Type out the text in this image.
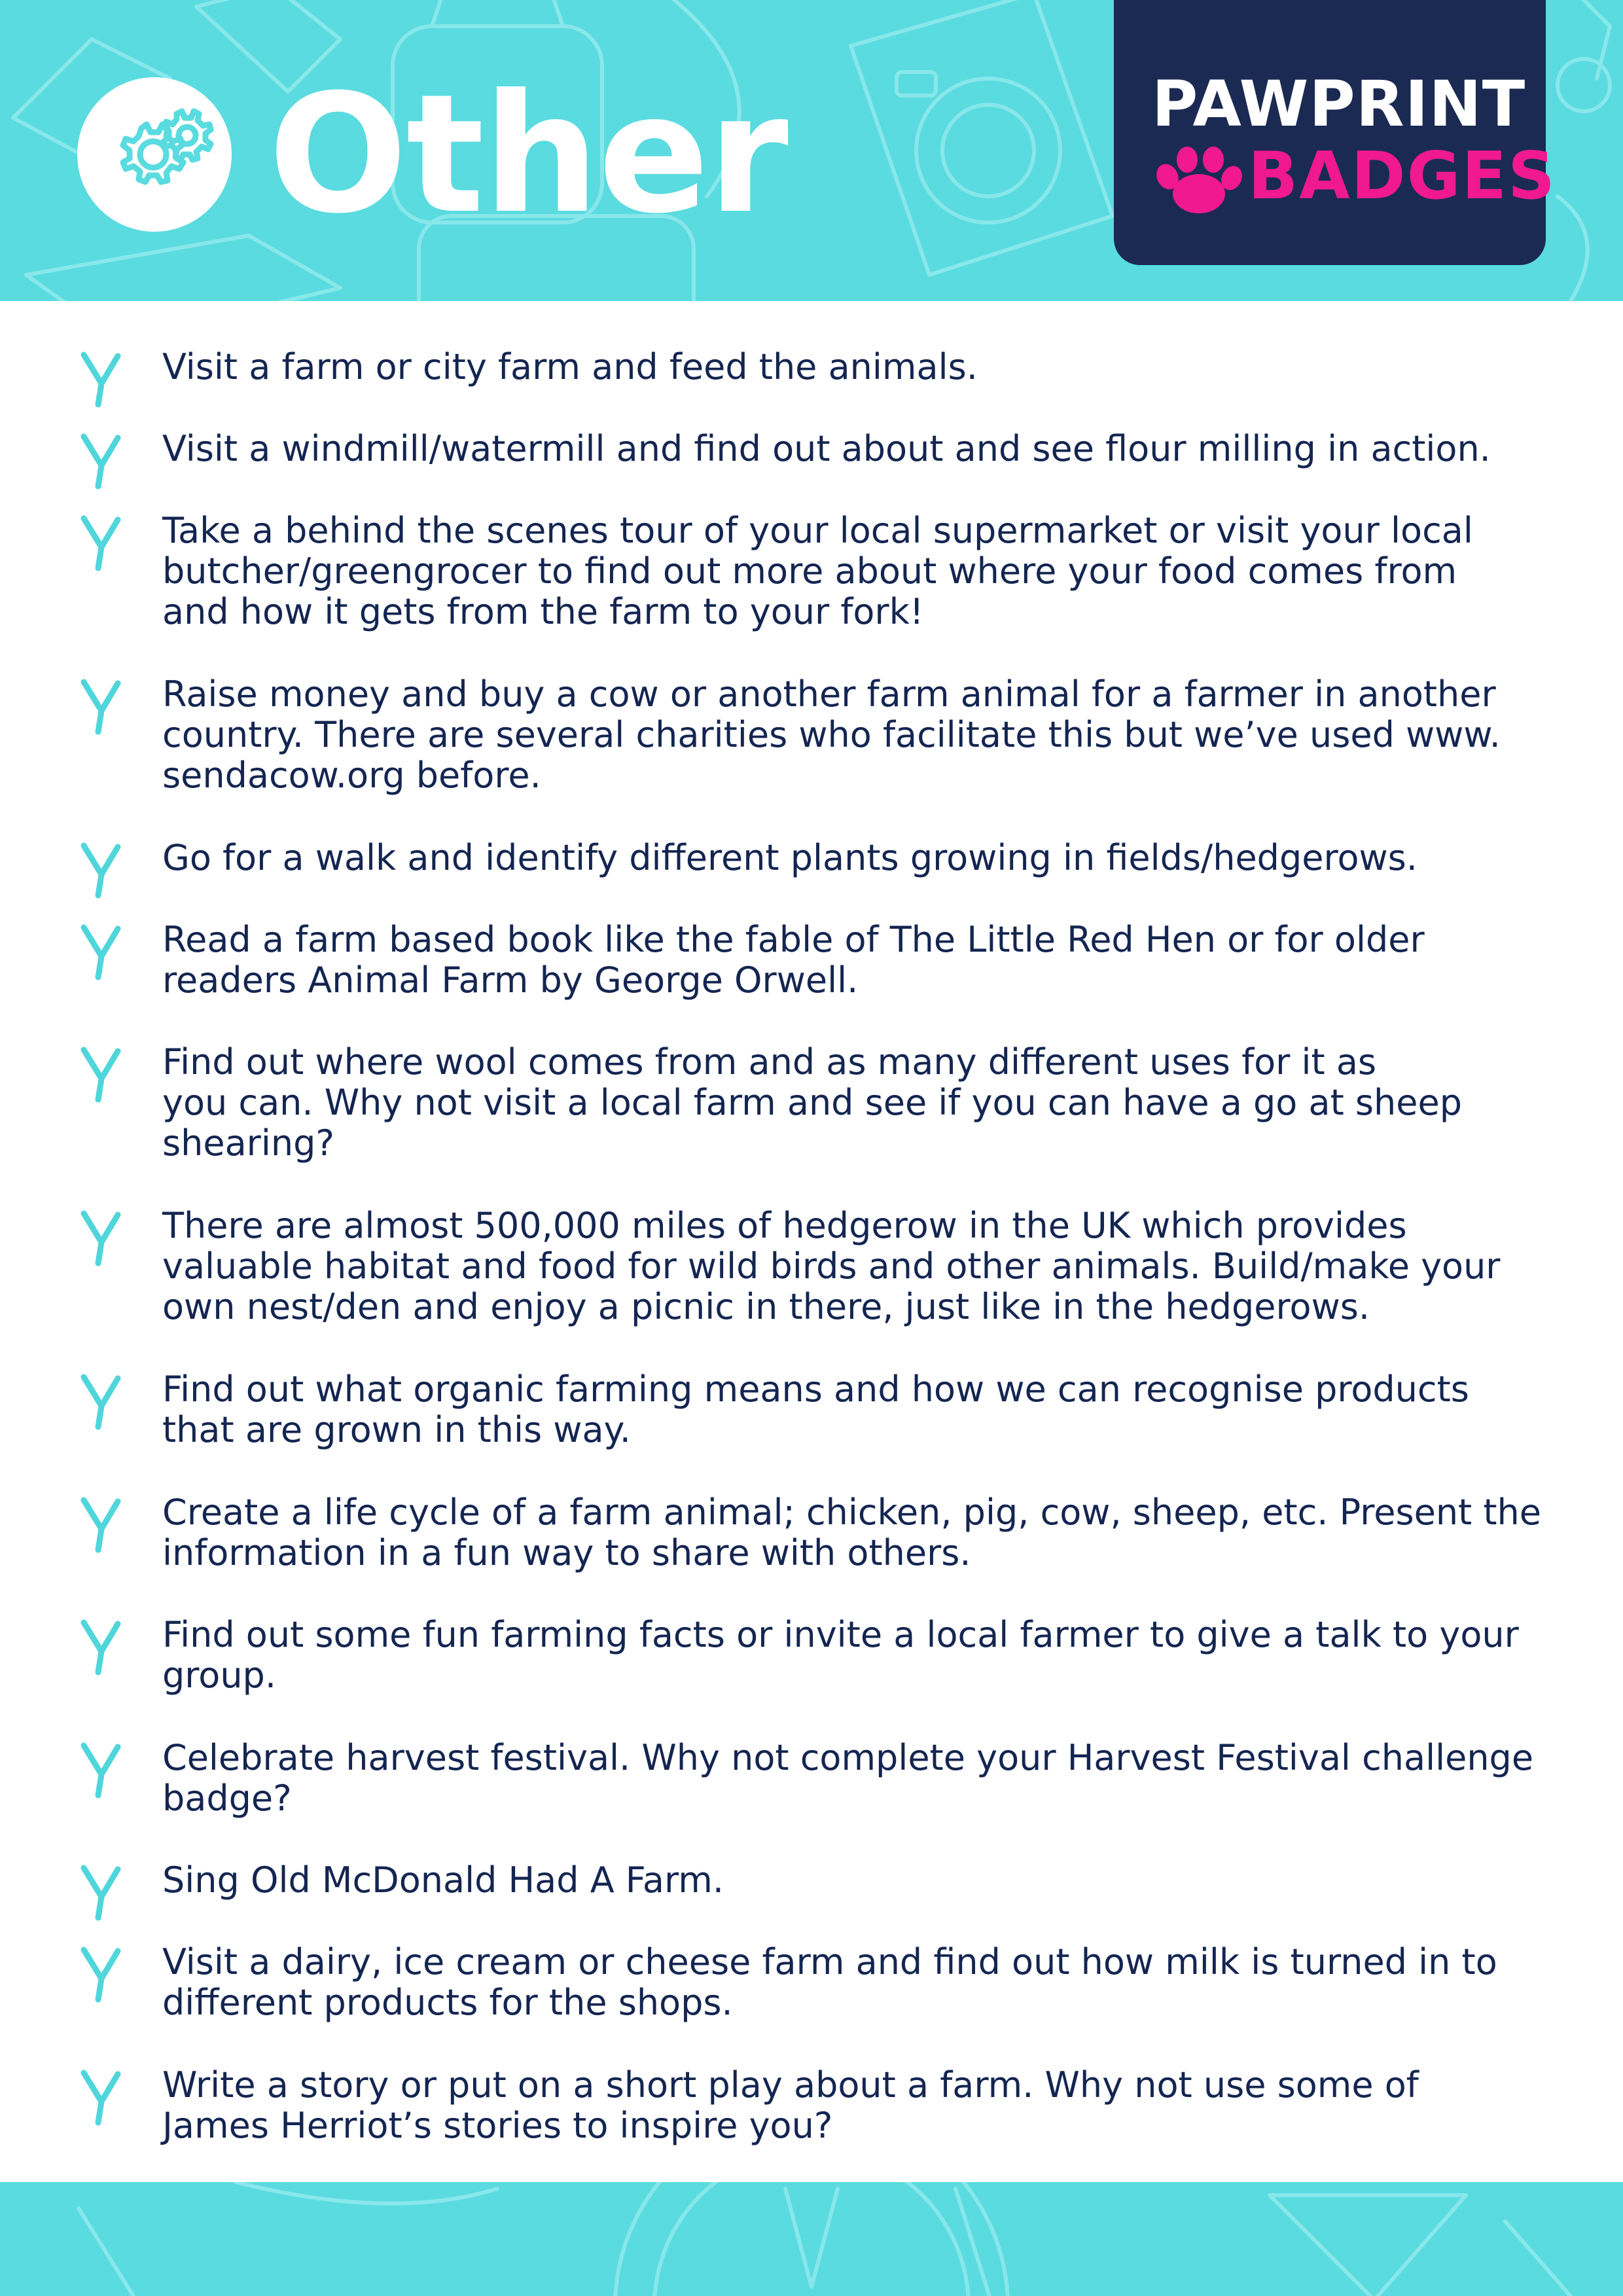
Other	PAWPRINT
BADGES
Visit a farm or city farm and feed the animals.
Visit a windmill/watermill and find out about and see flour milling in action.
Take a behind the scenes tour of your local supermarket or visit your local
butcher/greengrocer to find out more about where your food comes from
and how it gets from the farm to your fork!
Raise money and buy a cow or another farm animal for a farmer in another
country. There are several charities who facilitate this but we’ve used www.
sendacow.org before.
Go for a walk and identify different plants growing in fields/hedgerows.
Read a farm based book like the fable of The Little Red Hen or for older
readers Animal Farm by George Orwell.
Find out where wool comes from and as many different uses for it as
you can. Why not visit a local farm and see if you can have a go at sheep
shearing?
There are almost 500,000 miles of hedgerow in the UK which provides
valuable habitat and food for wild birds and other animals. Build/make your
own nest/den and enjoy a picnic in there, just like in the hedgerows.
Find out what organic farming means and how we can recognise products
that are grown in this way.
Create a life cycle of a farm animal; chicken, pig, cow, sheep, etc. Present the
information in a fun way to share with others.
Find out some fun farming facts or invite a local farmer to give a talk to your
group.
Celebrate harvest festival. Why not complete your Harvest Festival challenge
badge?
Sing Old McDonald Had A Farm.
Visit a dairy, ice cream or cheese farm and find out how milk is turned in to
different products for the shops.
Write a story or put on a short play about a farm. Why not use some of
James Herriot’s stories to inspire you?
